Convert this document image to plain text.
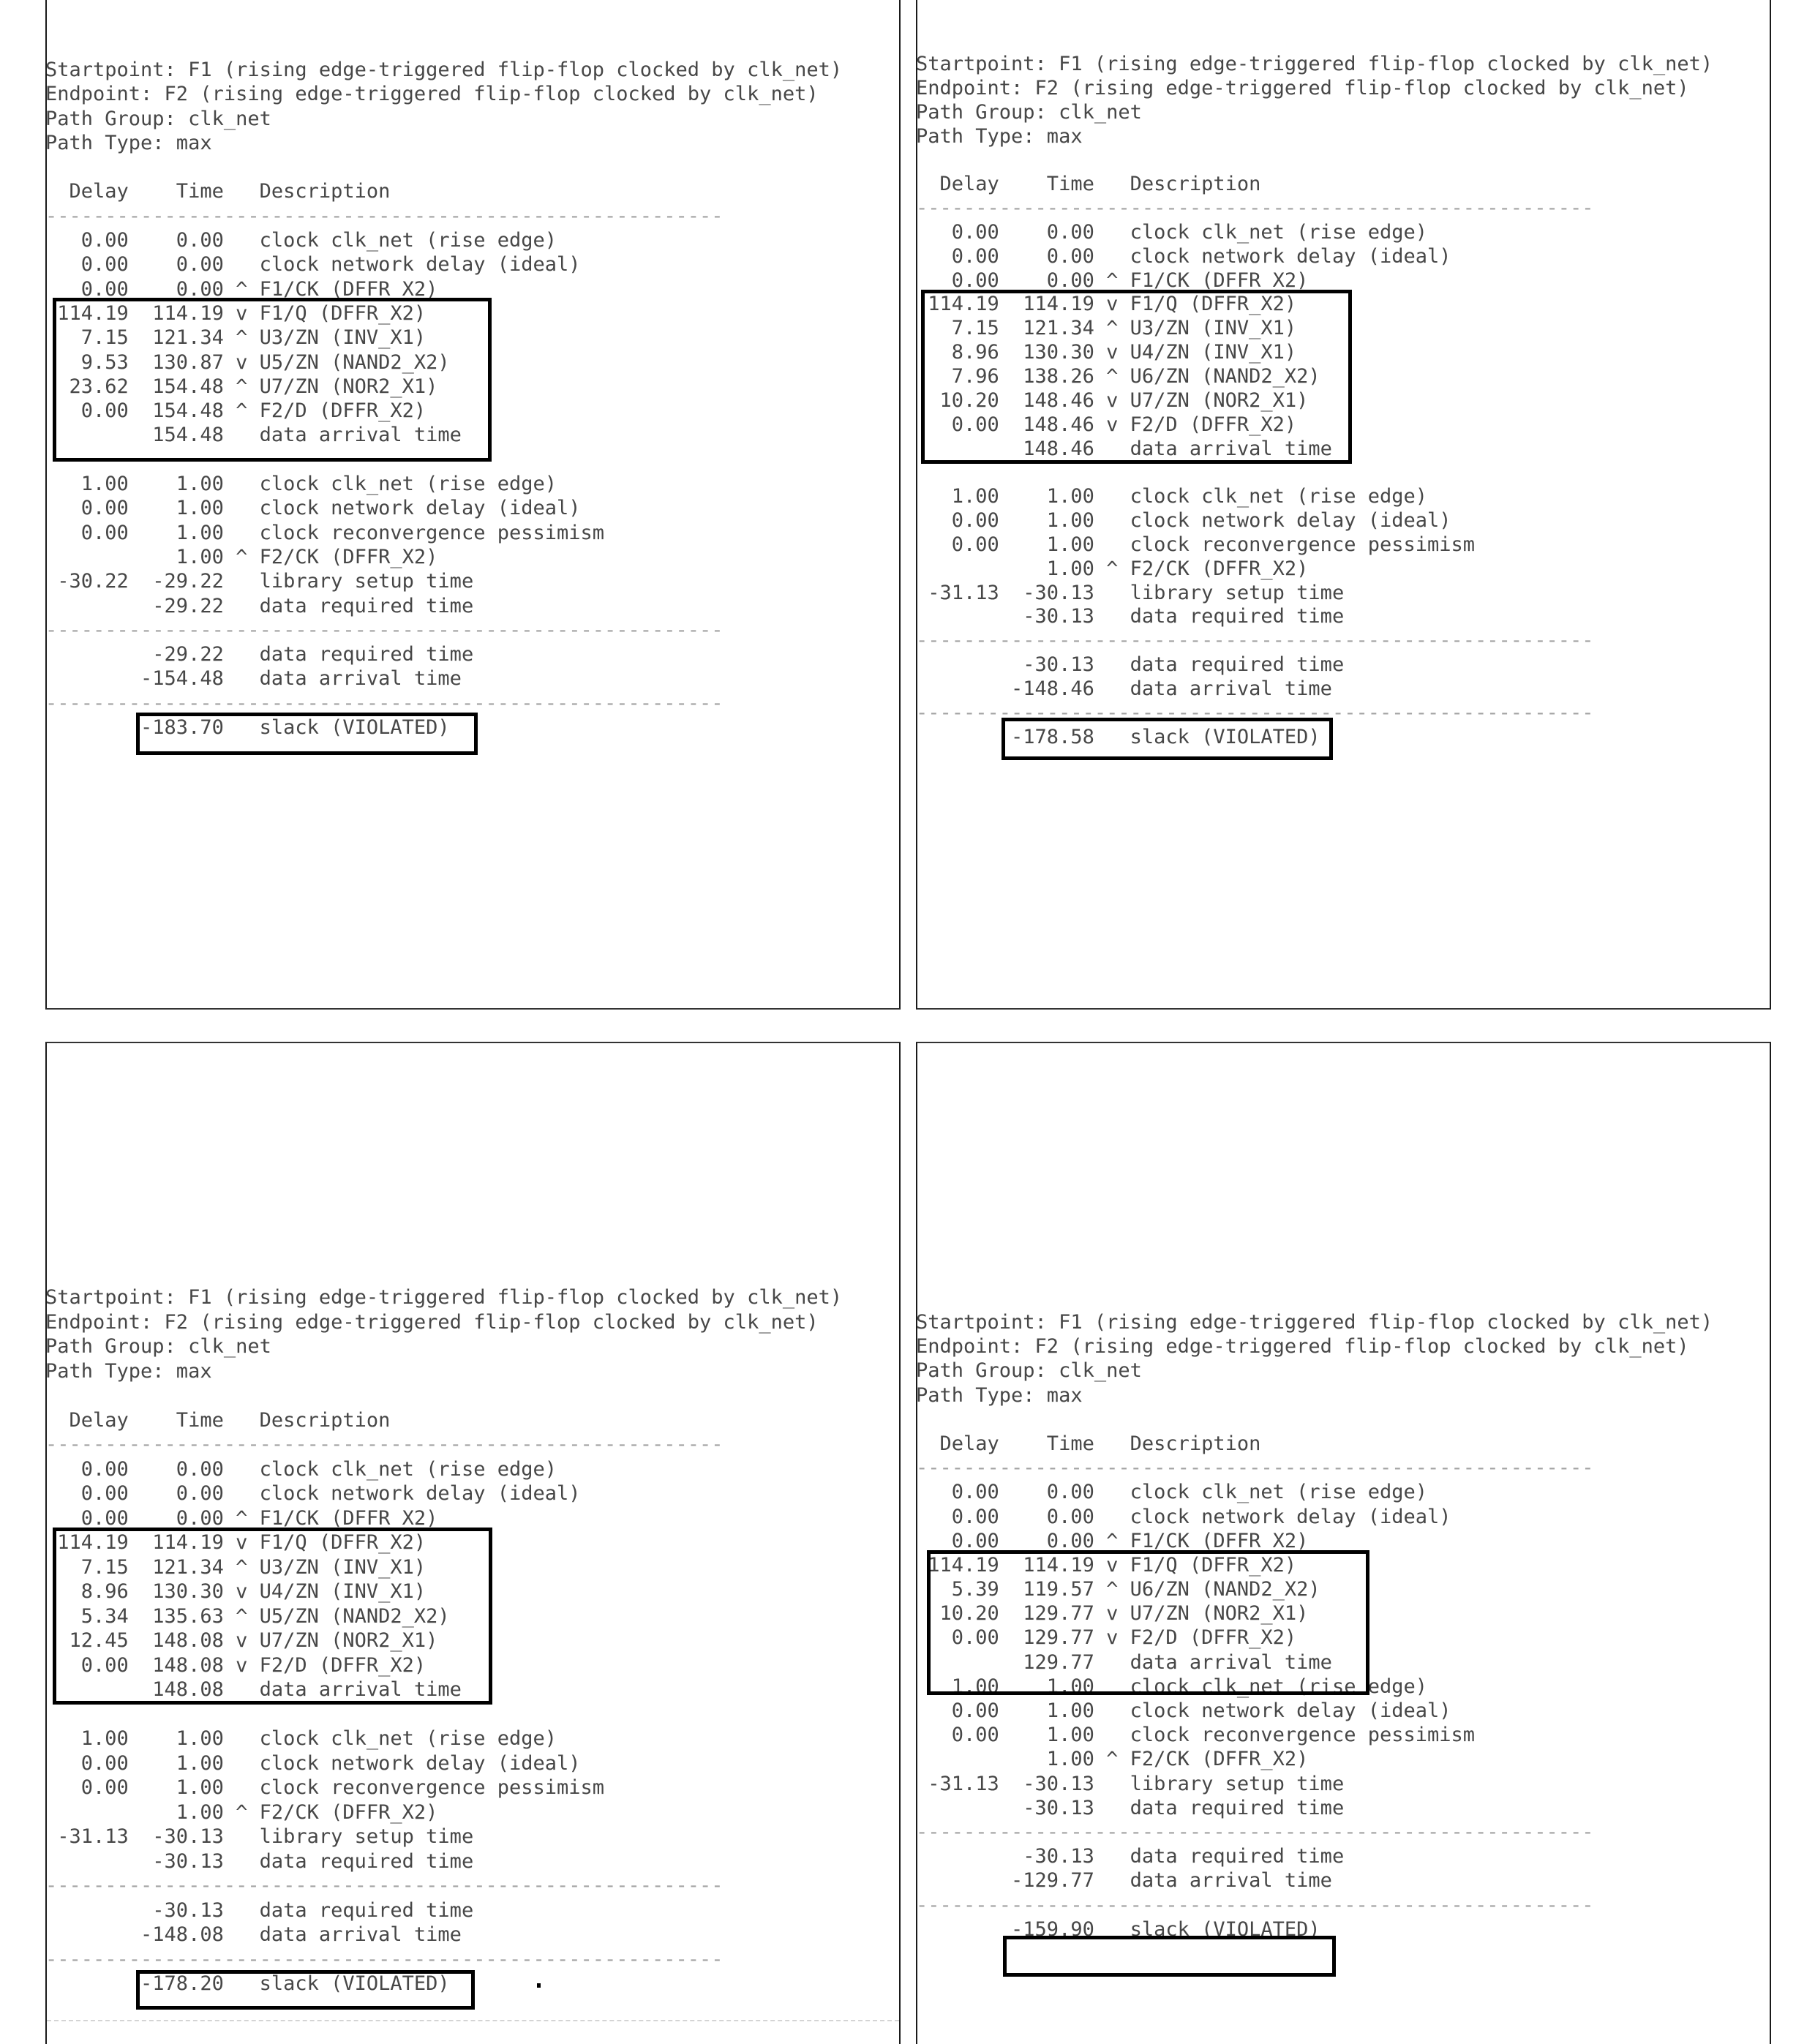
Startpoint: F1 (rising edge-triggered flip-flop clocked by clk_net)
Endpoint: F2 (rising edge-triggered flip-flop clocked by clk_net)
Path Group: clk_net
Path Type: max

Delay    Time   Description
---------------------------------------------------------
0.00    0.00   clock clk_net (rise edge)
0.00    0.00   clock network delay (ideal)
0.00    0.00 ^ F1/CK (DFFR_X2)
114.19  114.19 v F1/Q (DFFR_X2)
7.15  121.34 ^ U3/ZN (INV_X1)
9.53  130.87 v U5/ZN (NAND2_X2)
23.62  154.48 ^ U7/ZN (NOR2_X1)
0.00  154.48 ^ F2/D (DFFR_X2)
154.48   data arrival time

1.00    1.00   clock clk_net (rise edge)
0.00    1.00   clock network delay (ideal)
0.00    1.00   clock reconvergence pessimism
1.00 ^ F2/CK (DFFR_X2)
-30.22  -29.22   library setup time
-29.22   data required time
---------------------------------------------------------
-29.22   data required time
-154.48   data arrival time
---------------------------------------------------------
-183.70   slack (VIOLATED)
Startpoint: F1 (rising edge-triggered flip-flop clocked by clk_net)
Endpoint: F2 (rising edge-triggered flip-flop clocked by clk_net)
Path Group: clk_net
Path Type: max

Delay    Time   Description
---------------------------------------------------------
0.00    0.00   clock clk_net (rise edge)
0.00    0.00   clock network delay (ideal)
0.00    0.00 ^ F1/CK (DFFR_X2)
114.19  114.19 v F1/Q (DFFR_X2)
7.15  121.34 ^ U3/ZN (INV_X1)
8.96  130.30 v U4/ZN (INV_X1)
7.96  138.26 ^ U6/ZN (NAND2_X2)
10.20  148.46 v U7/ZN (NOR2_X1)
0.00  148.46 v F2/D (DFFR_X2)
148.46   data arrival time

1.00    1.00   clock clk_net (rise edge)
0.00    1.00   clock network delay (ideal)
0.00    1.00   clock reconvergence pessimism
1.00 ^ F2/CK (DFFR_X2)
-31.13  -30.13   library setup time
-30.13   data required time
---------------------------------------------------------
-30.13   data required time
-148.46   data arrival time
---------------------------------------------------------
-178.58   slack (VIOLATED)
Startpoint: F1 (rising edge-triggered flip-flop clocked by clk_net)
Endpoint: F2 (rising edge-triggered flip-flop clocked by clk_net)
Path Group: clk_net
Path Type: max

Delay    Time   Description
---------------------------------------------------------
0.00    0.00   clock clk_net (rise edge)
0.00    0.00   clock network delay (ideal)
0.00    0.00 ^ F1/CK (DFFR_X2)
114.19  114.19 v F1/Q (DFFR_X2)
7.15  121.34 ^ U3/ZN (INV_X1)
8.96  130.30 v U4/ZN (INV_X1)
5.34  135.63 ^ U5/ZN (NAND2_X2)
12.45  148.08 v U7/ZN (NOR2_X1)
0.00  148.08 v F2/D (DFFR_X2)
148.08   data arrival time

1.00    1.00   clock clk_net (rise edge)
0.00    1.00   clock network delay (ideal)
0.00    1.00   clock reconvergence pessimism
1.00 ^ F2/CK (DFFR_X2)
-31.13  -30.13   library setup time
-30.13   data required time
---------------------------------------------------------
-30.13   data required time
-148.08   data arrival time
---------------------------------------------------------
-178.20   slack (VIOLATED)
Startpoint: F1 (rising edge-triggered flip-flop clocked by clk_net)
Endpoint: F2 (rising edge-triggered flip-flop clocked by clk_net)
Path Group: clk_net
Path Type: max

Delay    Time   Description
---------------------------------------------------------
0.00    0.00   clock clk_net (rise edge)
0.00    0.00   clock network delay (ideal)
0.00    0.00 ^ F1/CK (DFFR_X2)
114.19  114.19 v F1/Q (DFFR_X2)
5.39  119.57 ^ U6/ZN (NAND2_X2)
10.20  129.77 v U7/ZN (NOR2_X1)
0.00  129.77 v F2/D (DFFR_X2)
129.77   data arrival time
1.00    1.00   clock clk_net (rise edge)
0.00    1.00   clock network delay (ideal)
0.00    1.00   clock reconvergence pessimism
1.00 ^ F2/CK (DFFR_X2)
-31.13  -30.13   library setup time
-30.13   data required time
---------------------------------------------------------
-30.13   data required time
-129.77   data arrival time
---------------------------------------------------------
-159.90   slack (VIOLATED)
